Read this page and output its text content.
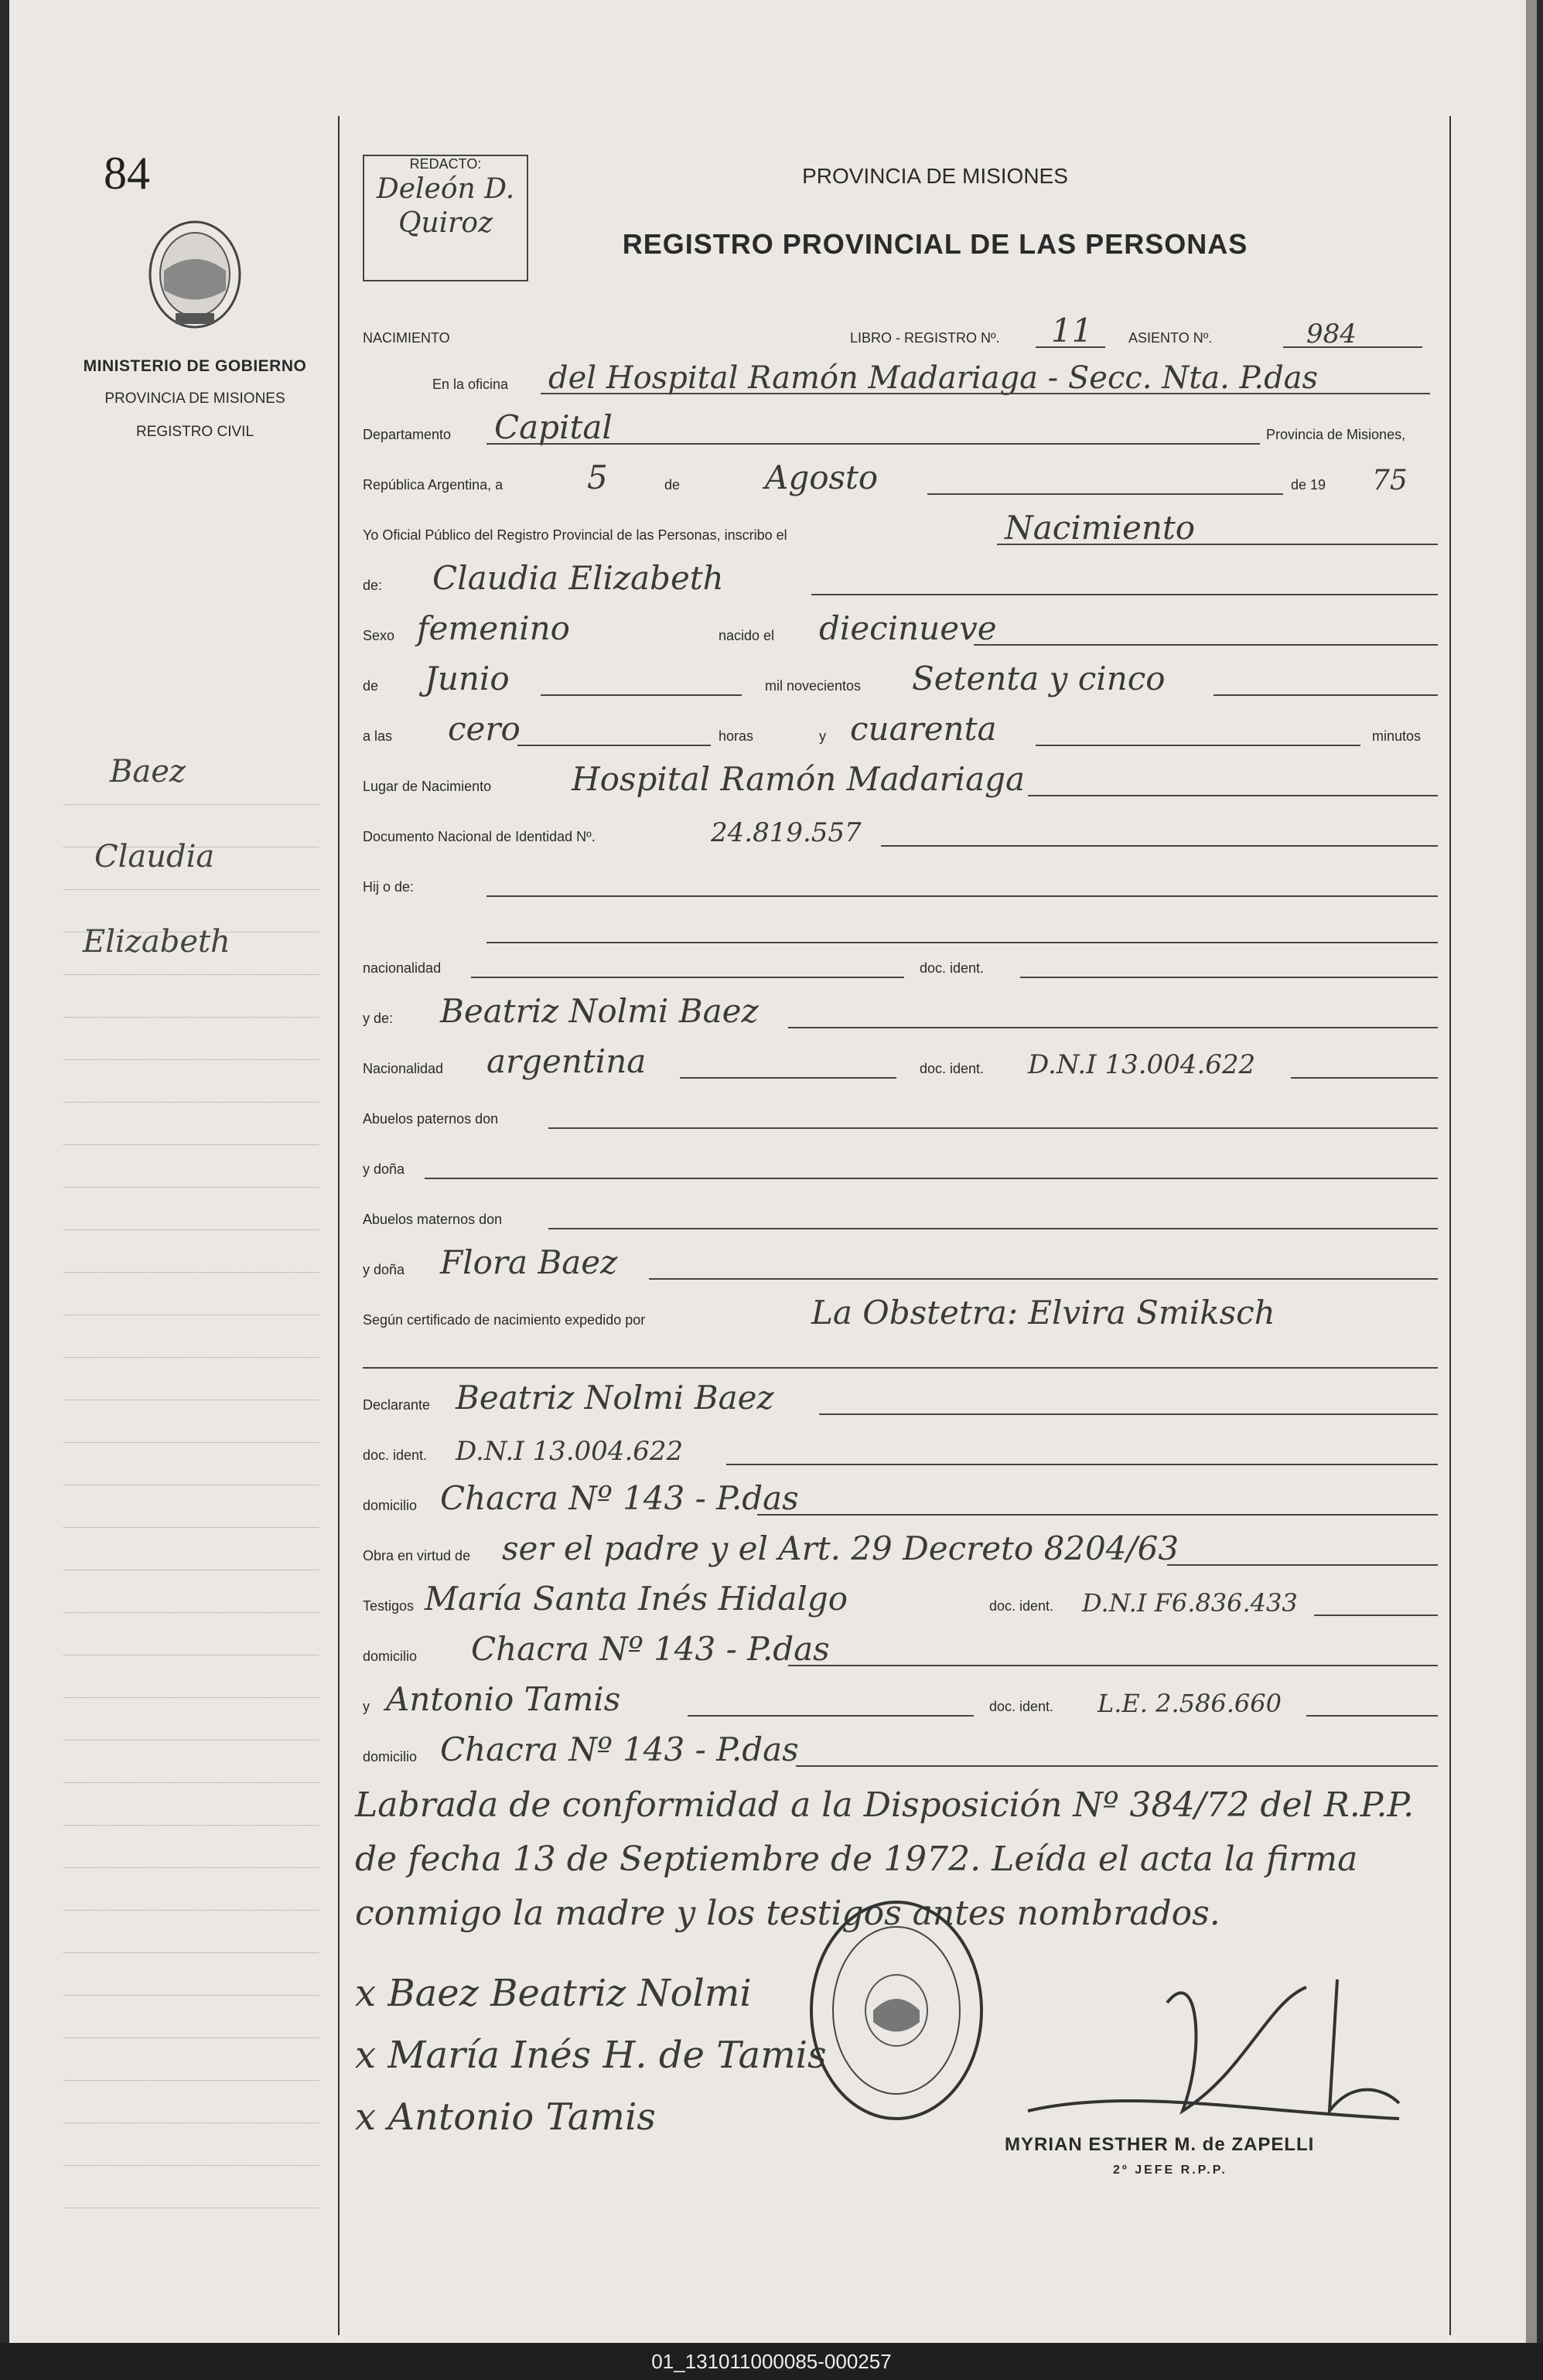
84
MINISTERIO DE GOBIERNO
PROVINCIA DE MISIONES
REGISTRO CIVIL
Baez
Claudia
Elizabeth
REDACTO:
Deleón D. Quiroz
PROVINCIA DE MISIONES
REGISTRO PROVINCIAL DE LAS PERSONAS
NACIMIENTO	LIBRO - REGISTRO Nº. 11	ASIENTO Nº.	984
En la oficina del Hospital Ramón Madariaga - Secc. Nta. P.das
Departamento Capital	Provincia de Misiones,
República Argentina, a	5	de	Agosto	de 19 75
Yo Oficial Público del Registro Provincial de las Personas, inscribo el	Nacimiento
de: Claudia Elizabeth
Sexo femenino	nacido el diecinueve
de Junio	mil novecientos Setenta y cinco
a las cero	horas	y cuarenta	minutos
Lugar de Nacimiento Hospital Ramón Madariaga
Documento Nacional de Identidad Nº.	24.819.557
Hij o de:
nacionalidad	doc. ident.
y de: Beatriz Nolmi Baez
Nacionalidad argentina	doc. ident. D.N.I 13.004.622
Abuelos paternos don
y doña
Abuelos maternos don
y doña Flora Baez
Según certificado de nacimiento expedido por	La Obstetra: Elvira Smiksch
Declarante Beatriz Nolmi Baez
doc. ident. D.N.I 13.004.622
domicilio Chacra Nº 143 - P.das
Obra en virtud de ser el padre y el Art. 29 Decreto 8204/63
Testigos María Santa Inés Hidalgo	doc. ident. D.N.I F6.836.433
domicilio Chacra Nº 143 - P.das
y Antonio Tamis	doc. ident. L.E. 2.586.660
domicilio Chacra Nº 143 - P.das
Labrada de conformidad a la Disposición Nº 384/72 del R.P.P. de fecha 13 de Septiembre de 1972. Leída el acta la firma conmigo la madre y los testigos antes nombrados.
x Baez Beatriz Nolmi
x María Inés H. de Tamis
x Antonio Tamis
MYRIAN ESTHER M. de ZAPELLI
2º JEFE R.P.P.
01_131011000085-000257
